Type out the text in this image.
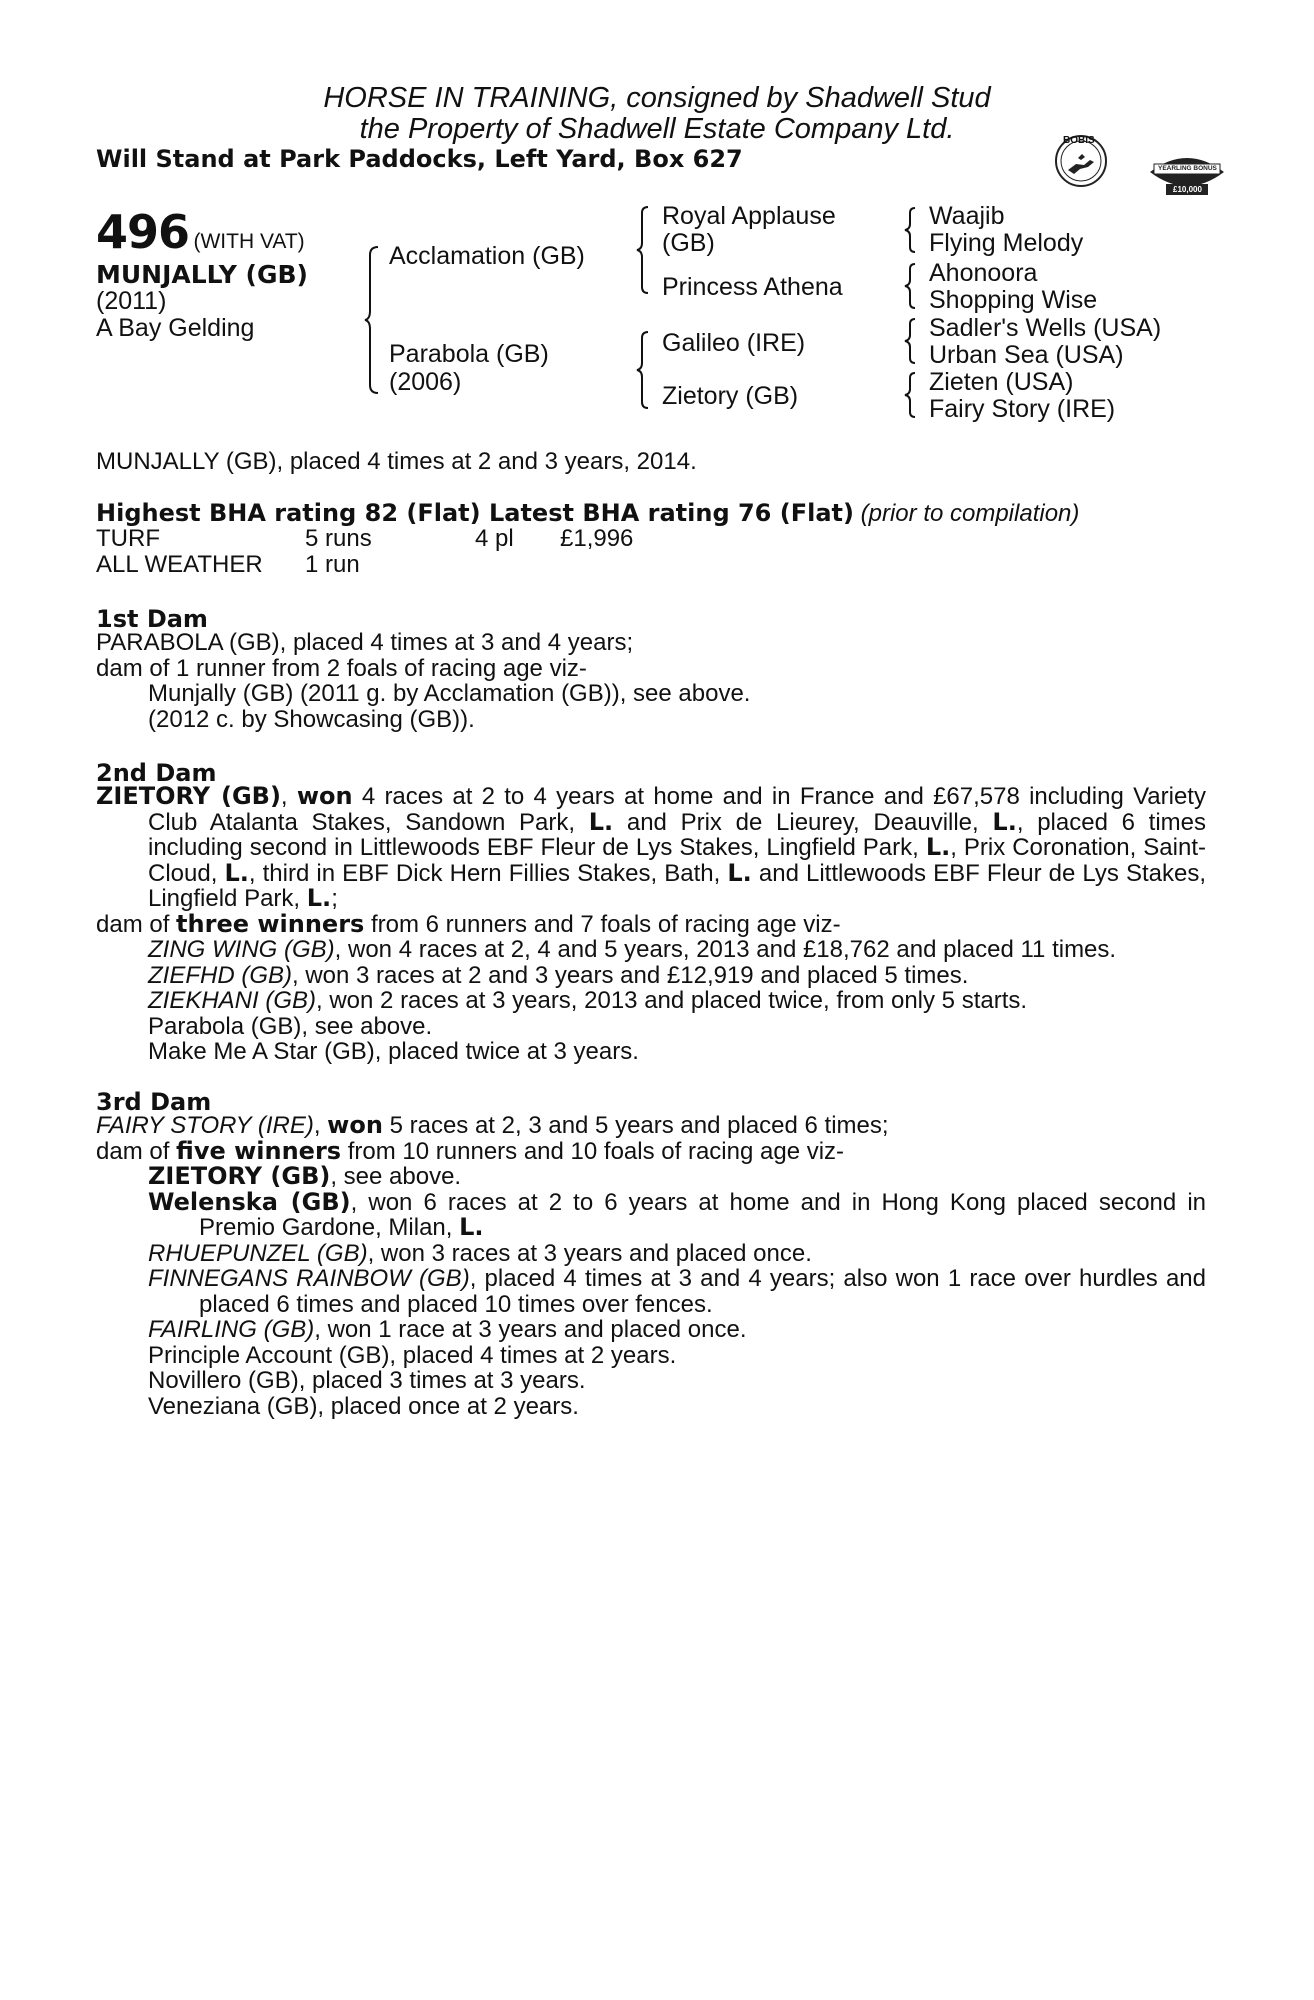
HORSE IN TRAINING, consigned by Shadwell Stud
the Property of Shadwell Estate Company Ltd.
Will Stand at Park Paddocks, Left Yard, Box 627
BOBIS
RACING POST
YEARLING BONUS
£10,000
496 (WITH VAT)
MUNJALLY (GB)
(2011)
A Bay Gelding
Acclamation (GB)
Parabola (GB)
(2006)
Royal Applause
(GB)
Princess Athena
Galileo (IRE)
Zietory (GB)
Waajib
Flying Melody
Ahonoora
Shopping Wise
Sadler's Wells (USA)
Urban Sea (USA)
Zieten (USA)
Fairy Story (IRE)
MUNJALLY (GB), placed 4 times at 2 and 3 years, 2014.
Highest BHA rating 82 (Flat) Latest BHA rating 76 (Flat) (prior to compilation)
TURF	5 runs	4 pl £1,996
ALL WEATHER 1 run
1st Dam
PARABOLA (GB), placed 4 times at 3 and 4 years;
dam of 1 runner from 2 foals of racing age viz-
Munjally (GB) (2011 g. by Acclamation (GB)), see above.
(2012 c. by Showcasing (GB)).
2nd Dam

ZIETORY (GB), won 4 races at 2 to 4 years at home and in France and £67,578 including Variety Club Atalanta Stakes, Sandown Park, L. and Prix de Lieurey, Deauville, L., placed 6 times including second in Littlewoods EBF Fleur de Lys Stakes, Lingfield Park, L., Prix Coronation, Saint-Cloud, L., third in EBF Dick Hern Fillies Stakes, Bath, L. and Littlewoods EBF Fleur de Lys Stakes, Lingfield Park, L.;

dam of three winners from 6 runners and 7 foals of racing age viz-

ZING WING (GB), won 4 races at 2, 4 and 5 years, 2013 and £18,762 and placed 11 times.

ZIEFHD (GB), won 3 races at 2 and 3 years and £12,919 and placed 5 times.

ZIEKHANI (GB), won 2 races at 3 years, 2013 and placed twice, from only 5 starts.

Parabola (GB), see above.

Make Me A Star (GB), placed twice at 3 years.

3rd Dam

FAIRY STORY (IRE), won 5 races at 2, 3 and 5 years and placed 6 times;

dam of five winners from 10 runners and 10 foals of racing age viz-

ZIETORY (GB), see above.

Welenska (GB), won 6 races at 2 to 6 years at home and in Hong Kong placed second in Premio Gardone, Milan, L.

RHUEPUNZEL (GB), won 3 races at 3 years and placed once.

FINNEGANS RAINBOW (GB), placed 4 times at 3 and 4 years; also won 1 race over hurdles and placed 6 times and placed 10 times over fences.

FAIRLING (GB), won 1 race at 3 years and placed once.

Principle Account (GB), placed 4 times at 2 years.

Novillero (GB), placed 3 times at 3 years.

Veneziana (GB), placed once at 2 years.
